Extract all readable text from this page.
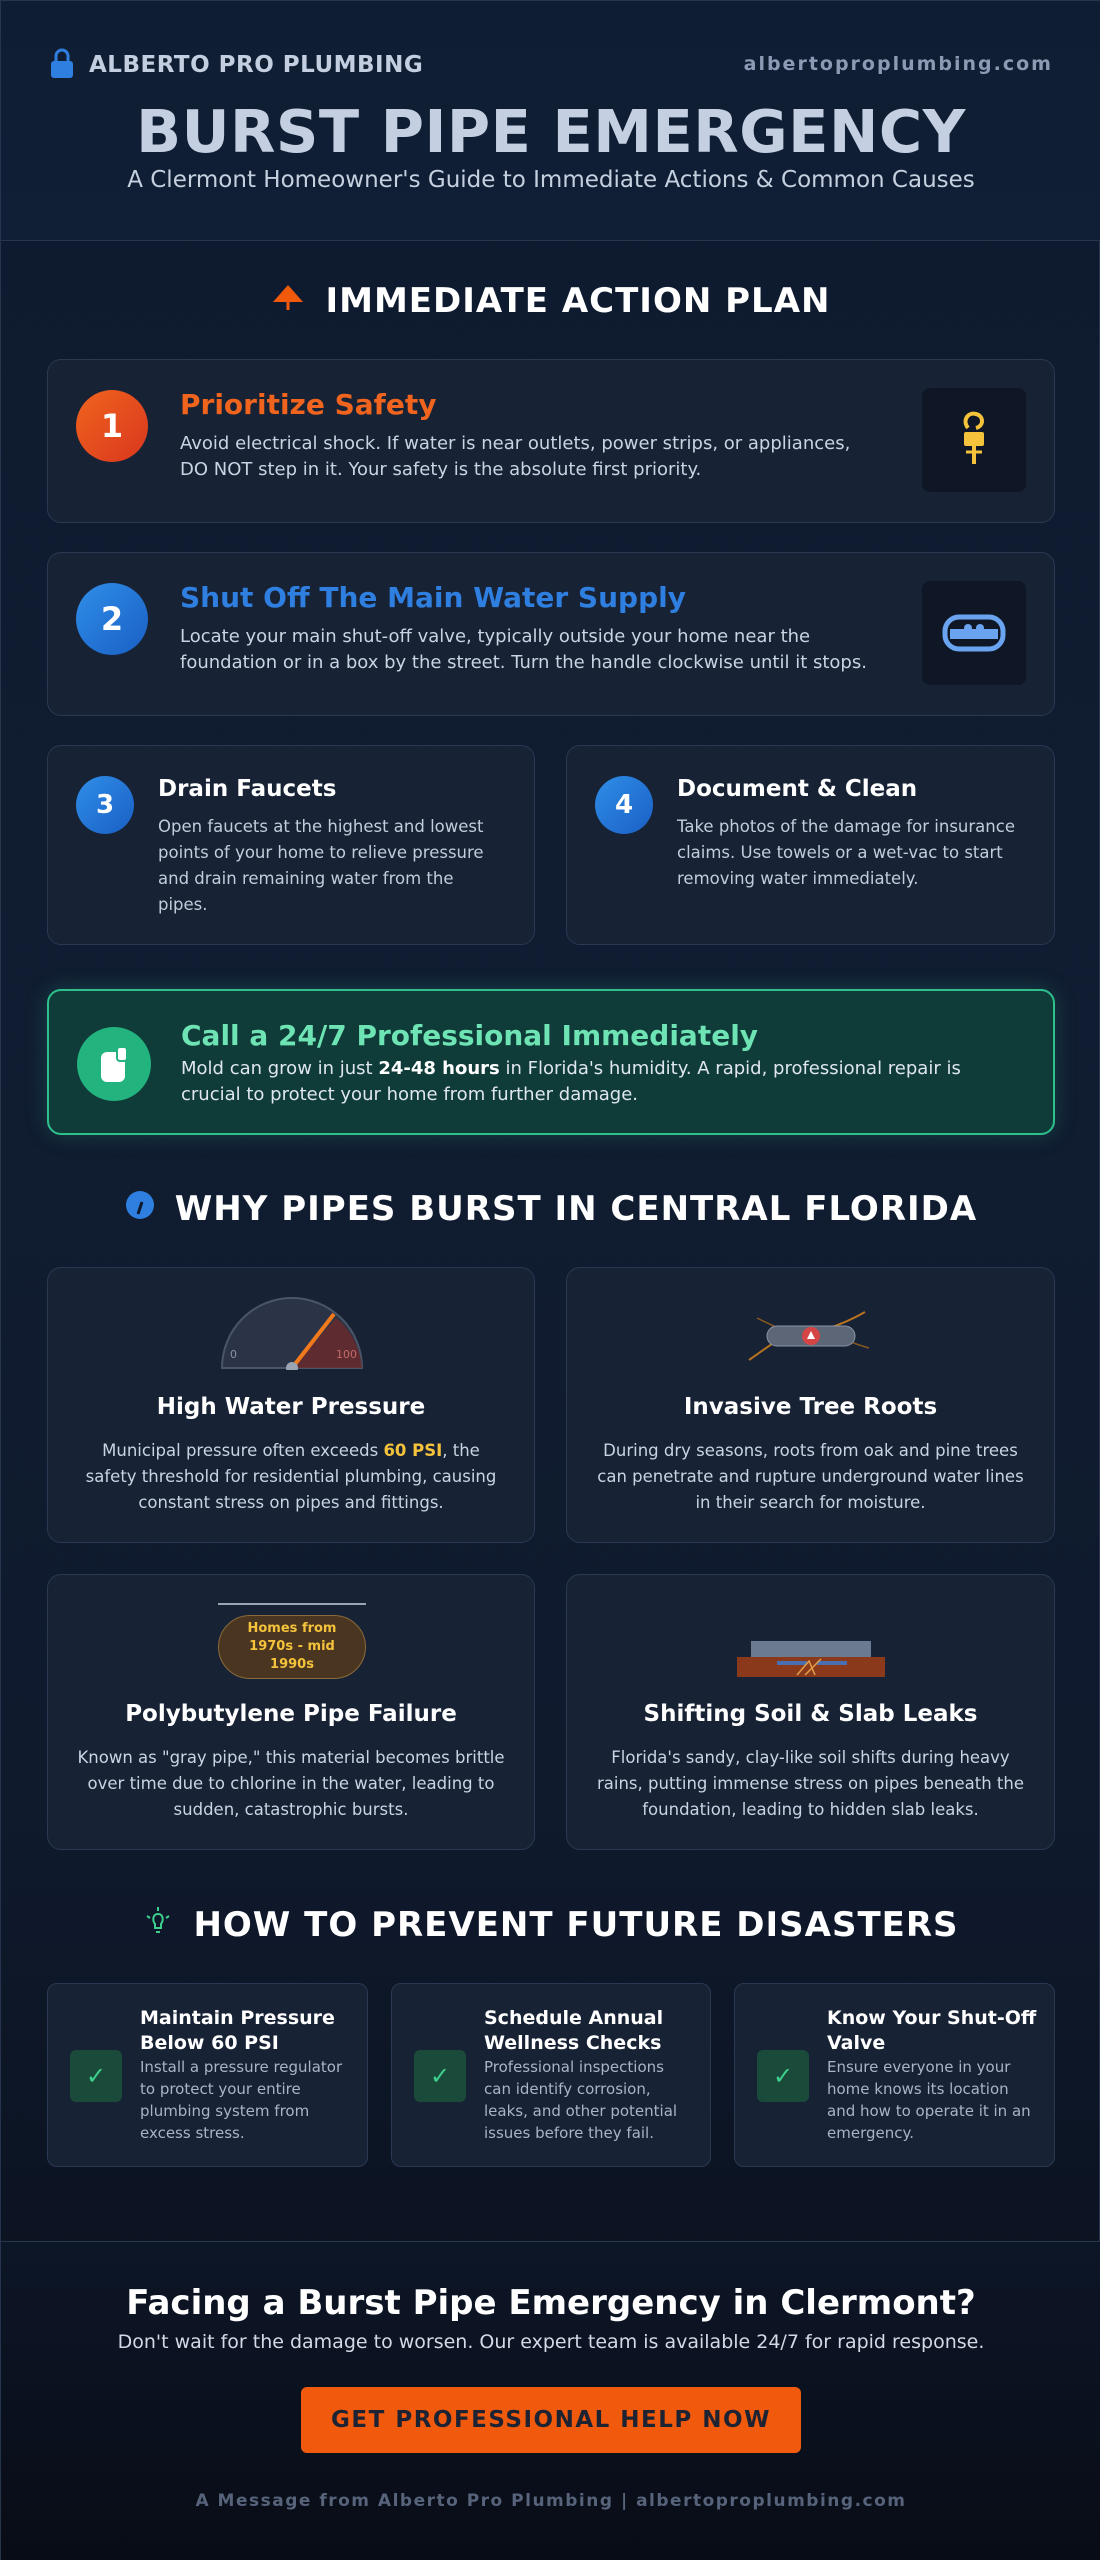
ALBERTO PRO PLUMBING	albertoproplumbing.com
BURST PIPE EMERGENCY
A Clermont Homeowner's Guide to Immediate Actions & Common Causes
IMMEDIATE ACTION PLAN
1
Prioritize Safety
Avoid electrical shock. If water is near outlets, power strips, or appliances,
DO NOT step in it. Your safety is the absolute first priority.
2
Shut Off The Main Water Supply
Locate your main shut-off valve, typically outside your home near the
foundation or in a box by the street. Turn the handle clockwise until it stops.
3
Drain Faucets
Open faucets at the highest and lowest
points of your home to relieve pressure
and drain remaining water from the
pipes.
4
Document & Clean
Take photos of the damage for insurance
claims. Use towels or a wet-vac to start
removing water immediately.
Call a 24/7 Professional Immediately
Mold can grow in just 24-48 hours in Florida's humidity. A rapid, professional repair is
crucial to protect your home from further damage.
WHY PIPES BURST IN CENTRAL FLORIDA
0	100
High Water Pressure
Municipal pressure often exceeds 60 PSI, the
safety threshold for residential plumbing, causing
constant stress on pipes and fittings.
Invasive Tree Roots
During dry seasons, roots from oak and pine trees
can penetrate and rupture underground water lines
in their search for moisture.
Homes from
1970s - mid
1990s
Polybutylene Pipe Failure
Known as "gray pipe," this material becomes brittle
over time due to chlorine in the water, leading to
sudden, catastrophic bursts.
Shifting Soil & Slab Leaks
Florida's sandy, clay-like soil shifts during heavy
rains, putting immense stress on pipes beneath the
foundation, leading to hidden slab leaks.
HOW TO PREVENT FUTURE DISASTERS
✓
Maintain Pressure
Below 60 PSI
Install a pressure regulator
to protect your entire
plumbing system from
excess stress.
✓
Schedule Annual
Wellness Checks
Professional inspections
can identify corrosion,
leaks, and other potential
issues before they fail.
✓
Know Your Shut-Off
Valve
Ensure everyone in your
home knows its location
and how to operate it in an
emergency.
Facing a Burst Pipe Emergency in Clermont?
Don't wait for the damage to worsen. Our expert team is available 24/7 for rapid response.
GET PROFESSIONAL HELP NOW
A Message from Alberto Pro Plumbing | albertoproplumbing.com
